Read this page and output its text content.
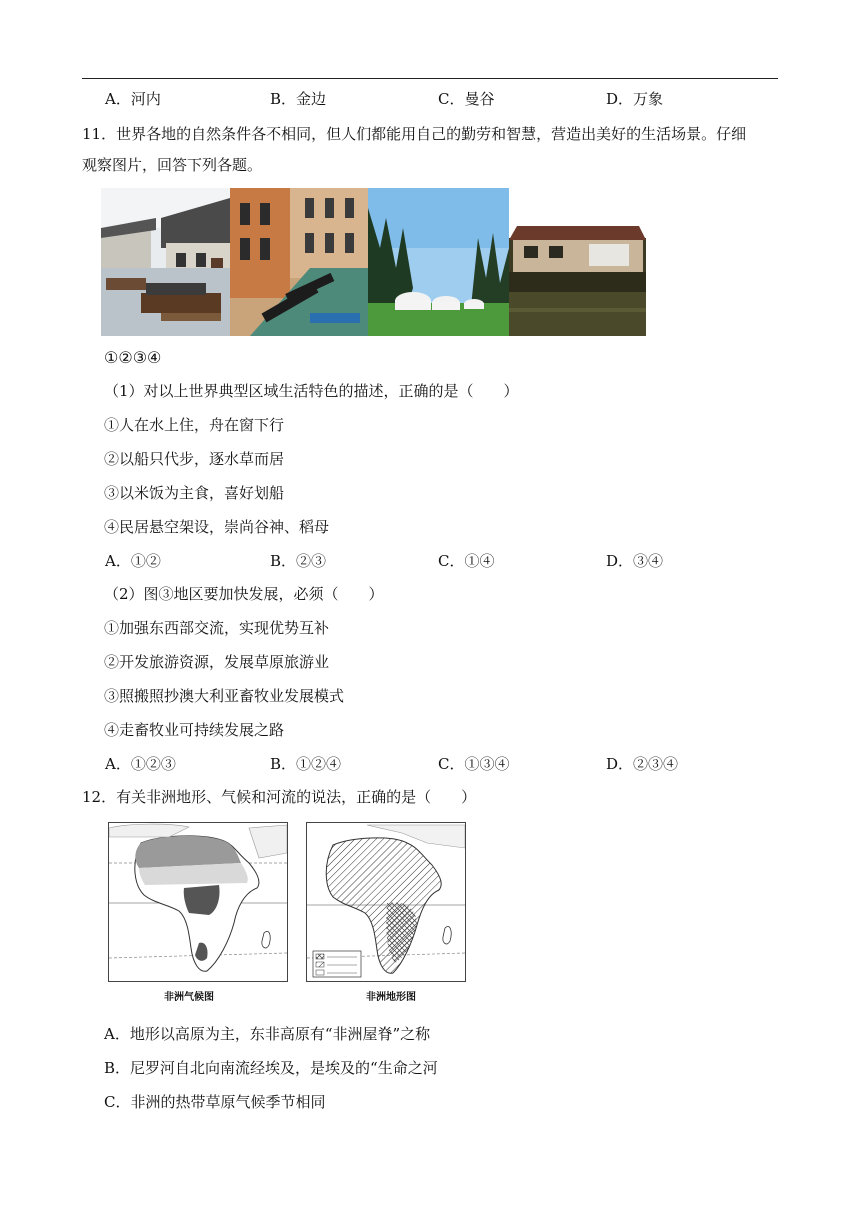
A．河内	B．金边	C．曼谷	D．万象
11．世界各地的自然条件各不相同，但人们都能用自己的勤劳和智慧，营造出美好的生活场景。仔细
观察图片，回答下列各题。
①②③④
（1）对以上世界典型区域生活特色的描述，正确的是（　　）
①人在水上住，舟在窗下行
②以船只代步，逐水草而居
③以米饭为主食，喜好划船
④民居悬空架设，崇尚谷神、稻母
A．①②	B．②③	C．①④	D．③④
（2）图③地区要加快发展，必须（　　）
①加强东西部交流，实现优势互补
②开发旅游资源，发展草原旅游业
③照搬照抄澳大利亚畜牧业发展模式
④走畜牧业可持续发展之路
A．①②③	B．①②④	C．①③④	D．②③④
12．有关非洲地形、气候和河流的说法，正确的是（　　）
非洲气候图	非洲地形图
A．地形以高原为主，东非高原有“非洲屋脊”之称
B．尼罗河自北向南流经埃及，是埃及的“生命之河
C．非洲的热带草原气候季节相同
